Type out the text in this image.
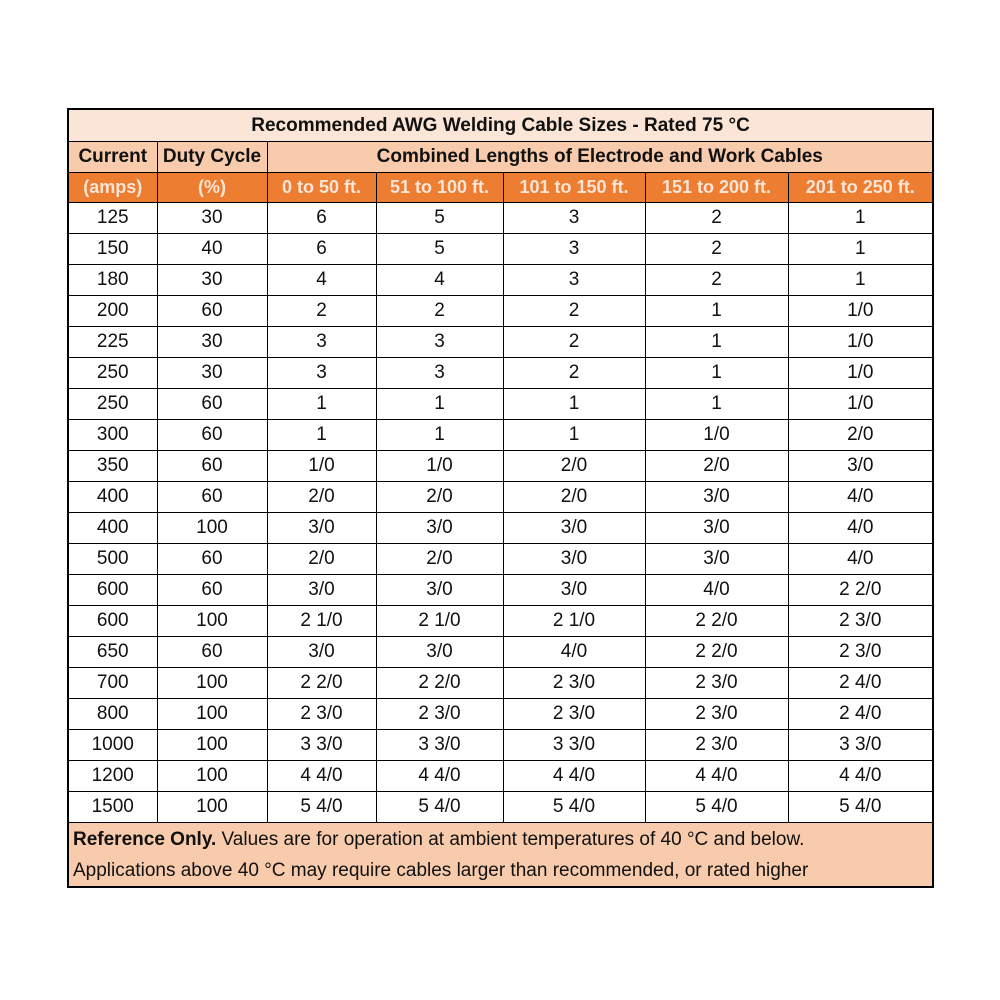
Recommended AWG Welding Cable Sizes - Rated 75 °C						
Current	Duty Cycle	Combined Lengths of Electrode and Work Cables				
(amps)	(%)	0 to 50 ft.	51 to 100 ft.	101 to 150 ft.	151 to 200 ft.	201 to 250 ft.
125	30	6	5	3	2	1
150	40	6	5	3	2	1
180	30	4	4	3	2	1
200	60	2	2	2	1	1/0
225	30	3	3	2	1	1/0
250	30	3	3	2	1	1/0
250	60	1	1	1	1	1/0
300	60	1	1	1	1/0	2/0
350	60	1/0	1/0	2/0	2/0	3/0
400	60	2/0	2/0	2/0	3/0	4/0
400	100	3/0	3/0	3/0	3/0	4/0
500	60	2/0	2/0	3/0	3/0	4/0
600	60	3/0	3/0	3/0	4/0	2 2/0
600	100	2 1/0	2 1/0	2 1/0	2 2/0	2 3/0
650	60	3/0	3/0	4/0	2 2/0	2 3/0
700	100	2 2/0	2 2/0	2 3/0	2 3/0	2 4/0
800	100	2 3/0	2 3/0	2 3/0	2 3/0	2 4/0
1000	100	3 3/0	3 3/0	3 3/0	2 3/0	3 3/0
1200	100	4 4/0	4 4/0	4 4/0	4 4/0	4 4/0
1500	100	5 4/0	5 4/0	5 4/0	5 4/0	5 4/0
Reference Only. Values are for operation at ambient temperatures of 40 °C and below.
Applications above 40 °C may require cables larger than recommended, or rated higher						
